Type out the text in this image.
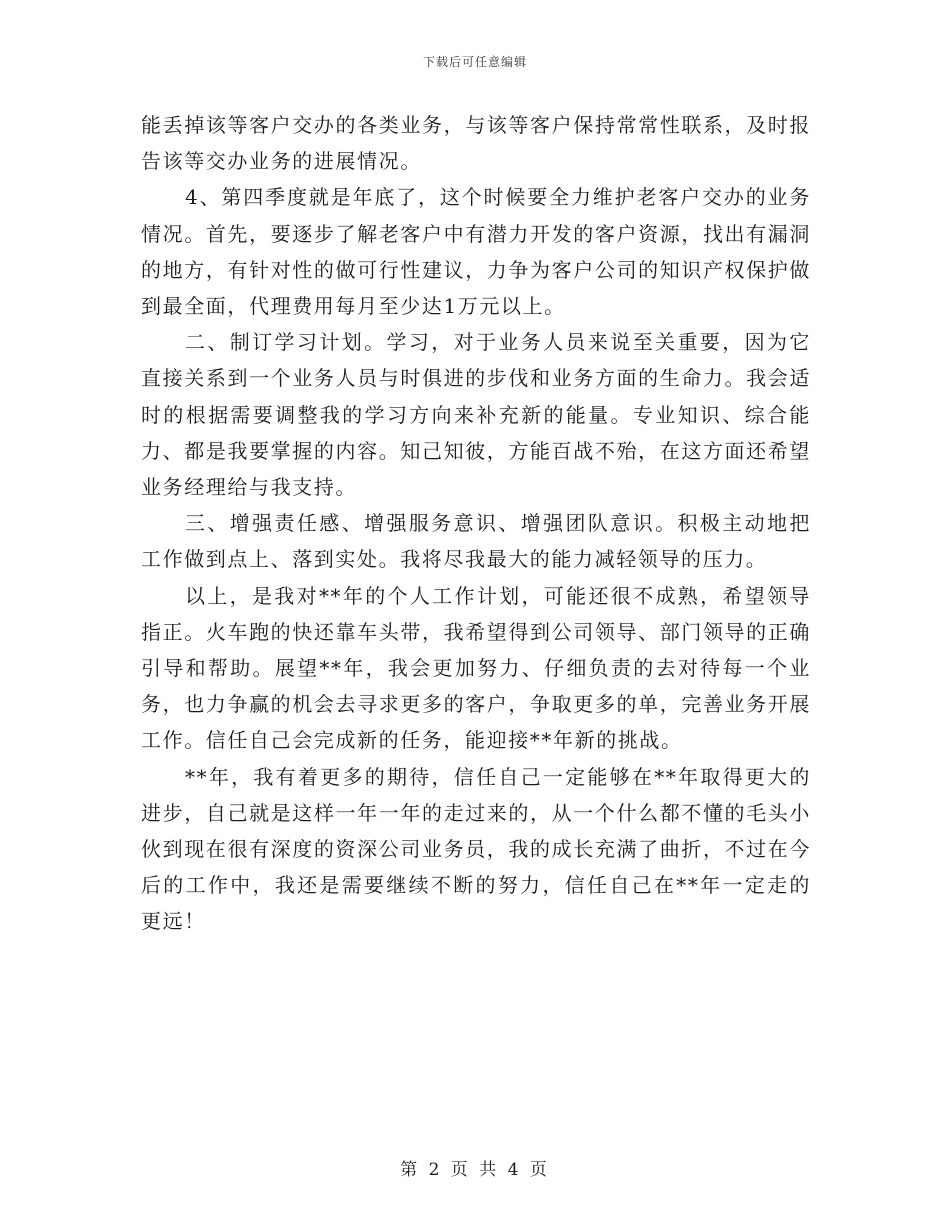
下载后可任意编辑

能丢掉该等客户交办的各类业务，与该等客户保持常常性联系，及时报告该等交办业务的进展情况。

4、第四季度就是年底了，这个时候要全力维护老客户交办的业务情况。首先，要逐步了解老客户中有潜力开发的客户资源，找出有漏洞的地方，有针对性的做可行性建议，力争为客户公司的知识产权保护做到最全面，代理费用每月至少达1万元以上。

二、制订学习计划。学习，对于业务人员来说至关重要，因为它直接关系到一个业务人员与时俱进的步伐和业务方面的生命力。我会适时的根据需要调整我的学习方向来补充新的能量。专业知识、综合能力、都是我要掌握的内容。知己知彼，方能百战不殆，在这方面还希望业务经理给与我支持。

三、增强责任感、增强服务意识、增强团队意识。积极主动地把工作做到点上、落到实处。我将尽我最大的能力减轻领导的压力。

以上，是我对**年的个人工作计划，可能还很不成熟，希望领导指正。火车跑的快还靠车头带，我希望得到公司领导、部门领导的正确引导和帮助。展望**年，我会更加努力、仔细负责的去对待每一个业务，也力争赢的机会去寻求更多的客户，争取更多的单，完善业务开展工作。信任自己会完成新的任务，能迎接**年新的挑战。

**年，我有着更多的期待，信任自己一定能够在**年取得更大的进步，自己就是这样一年一年的走过来的，从一个什么都不懂的毛头小伙到现在很有深度的资深公司业务员，我的成长充满了曲折，不过在今后的工作中，我还是需要继续不断的努力，信任自己在**年一定走的更远！

第 2 页 共 4 页
